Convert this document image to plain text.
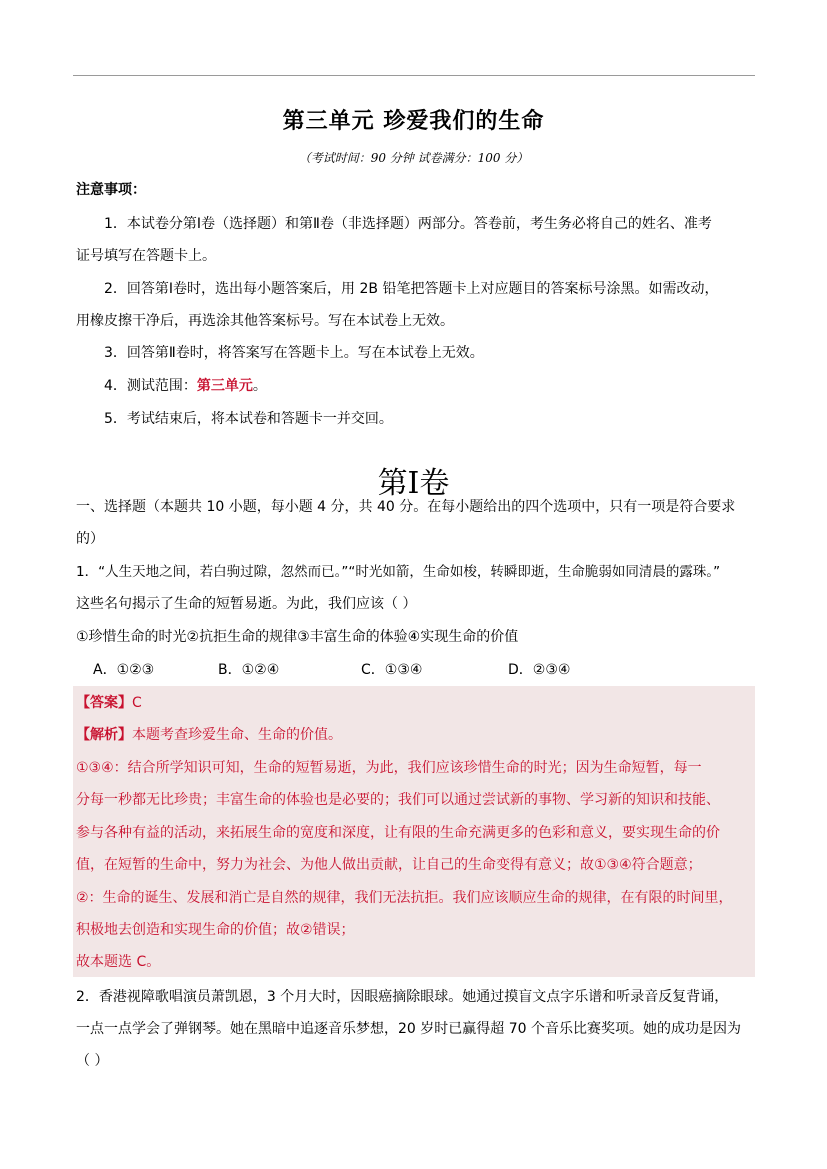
第三单元 珍爱我们的生命
（考试时间：90 分钟 试卷满分：100 分）
注意事项：
1．本试卷分第Ⅰ卷（选择题）和第Ⅱ卷（非选择题）两部分。答卷前，考生务必将自己的姓名、准考
证号填写在答题卡上。
2．回答第Ⅰ卷时，选出每小题答案后，用 2B 铅笔把答题卡上对应题目的答案标号涂黑。如需改动，
用橡皮擦干净后，再选涂其他答案标号。写在本试卷上无效。
3．回答第Ⅱ卷时，将答案写在答题卡上。写在本试卷上无效。
4．测试范围：第三单元。
5．考试结束后，将本试卷和答题卡一并交回。
第Ⅰ卷
一、选择题（本题共 10 小题，每小题 4 分，共 40 分。在每小题给出的四个选项中，只有一项是符合要求
的）
1．“人生天地之间，若白驹过隙，忽然而已。”“时光如箭，生命如梭，转瞬即逝，生命脆弱如同清晨的露珠。”
这些名句揭示了生命的短暂易逝。为此，我们应该（ ）
①珍惜生命的时光②抗拒生命的规律③丰富生命的体验④实现生命的价值
A．①②③	B．①②④	C．①③④	D．②③④
【答案】C
【解析】本题考查珍爱生命、生命的价值。
①③④：结合所学知识可知，生命的短暂易逝，为此，我们应该珍惜生命的时光；因为生命短暂，每一
分每一秒都无比珍贵；丰富生命的体验也是必要的；我们可以通过尝试新的事物、学习新的知识和技能、
参与各种有益的活动，来拓展生命的宽度和深度，让有限的生命充满更多的色彩和意义，要实现生命的价
值，在短暂的生命中，努力为社会、为他人做出贡献，让自己的生命变得有意义；故①③④符合题意；
②：生命的诞生、发展和消亡是自然的规律，我们无法抗拒。我们应该顺应生命的规律，在有限的时间里，
积极地去创造和实现生命的价值；故②错误；
故本题选 C。
2．香港视障歌唱演员萧凯恩，3 个月大时，因眼癌摘除眼球。她通过摸盲文点字乐谱和听录音反复背诵，
一点一点学会了弹钢琴。她在黑暗中追逐音乐梦想，20 岁时已赢得超 70 个音乐比赛奖项。她的成功是因为
（ ）
